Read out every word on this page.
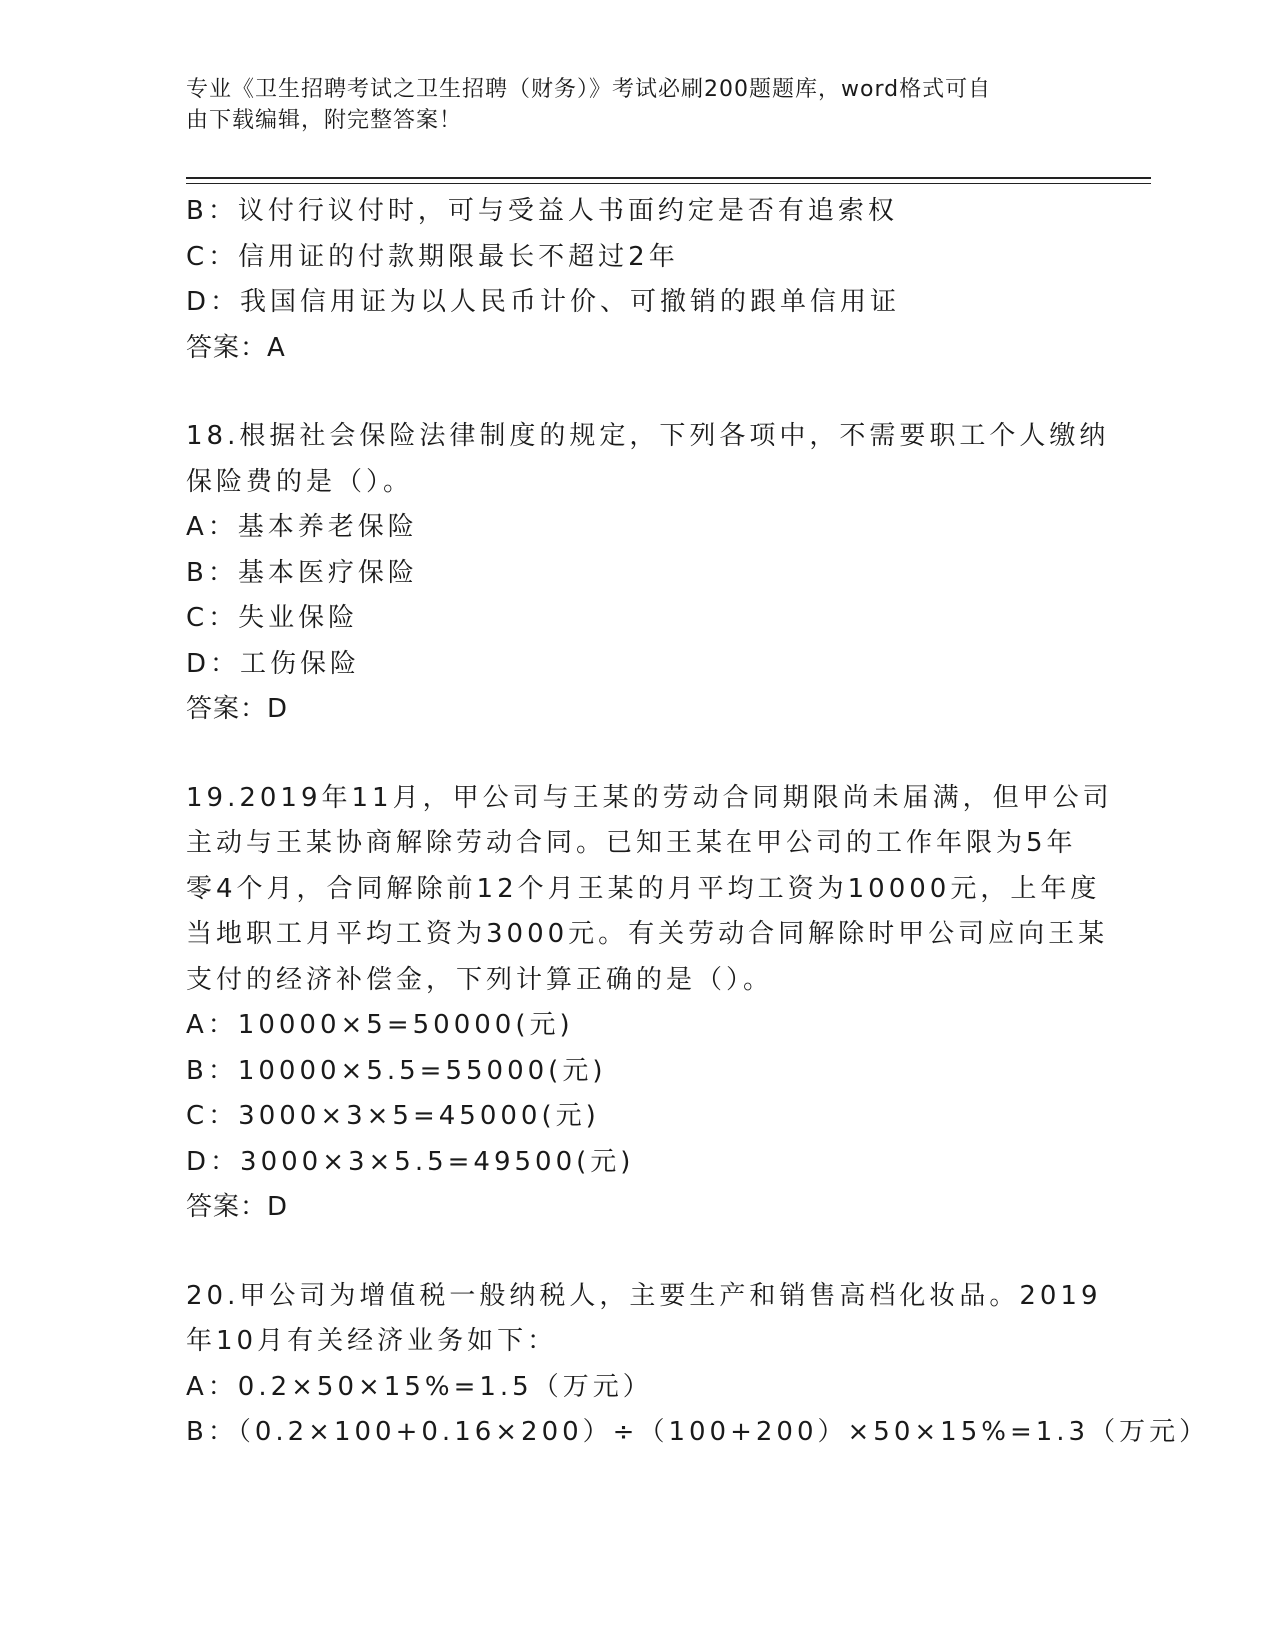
专业《卫生招聘考试之卫生招聘（财务）》考试必刷200题题库，word格式可自
由下载编辑，附完整答案！
B：议付行议付时，可与受益人书面约定是否有追索权
C：信用证的付款期限最长不超过2年
D：我国信用证为以人民币计价、可撤销的跟单信用证
答案：A
18.根据社会保险法律制度的规定，下列各项中，不需要职工个人缴纳
保险费的是（）。
A：基本养老保险
B：基本医疗保险
C：失业保险
D：工伤保险
答案：D
19.2019年11月，甲公司与王某的劳动合同期限尚未届满，但甲公司
主动与王某协商解除劳动合同。已知王某在甲公司的工作年限为5年
零4个月，合同解除前12个月王某的月平均工资为10000元，上年度
当地职工月平均工资为3000元。有关劳动合同解除时甲公司应向王某
支付的经济补偿金，下列计算正确的是（）。
A：10000×5=50000(元)
B：10000×5.5=55000(元)
C：3000×3×5=45000(元)
D：3000×3×5.5=49500(元)
答案：D
20.甲公司为增值税一般纳税人，主要生产和销售高档化妆品。2019
年10月有关经济业务如下：
A：0.2×50×15%=1.5（万元）
B：（0.2×100+0.16×200）÷（100+200）×50×15%=1.3（万元）
